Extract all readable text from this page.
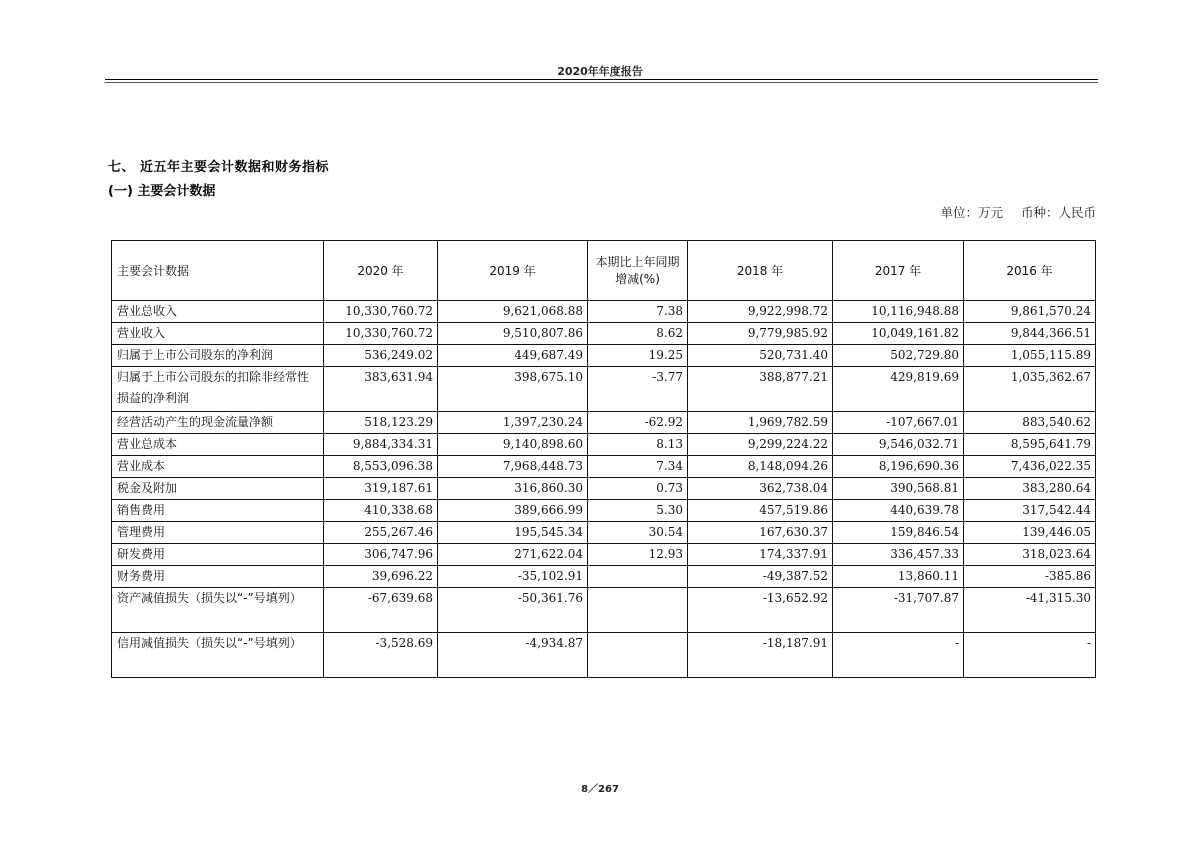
2020年年度报告
七、 近五年主要会计数据和财务指标
(一) 主要会计数据
单位：万元 币种：人民币
主要会计数据	2020 年	2019 年	本期比上年同期增减(%)	2018 年	2017 年	2016 年
营业总收入	10,330,760.72	9,621,068.88	7.38	9,922,998.72	10,116,948.88	9,861,570.24
营业收入	10,330,760.72	9,510,807.86	8.62	9,779,985.92	10,049,161.82	9,844,366.51
归属于上市公司股东的净利润	536,249.02	449,687.49	19.25	520,731.40	502,729.80	1,055,115.89
归属于上市公司股东的扣除非经常性损益的净利润	383,631.94	398,675.10	-3.77	388,877.21	429,819.69	1,035,362.67
经营活动产生的现金流量净额	518,123.29	1,397,230.24	-62.92	1,969,782.59	-107,667.01	883,540.62
营业总成本	9,884,334.31	9,140,898.60	8.13	9,299,224.22	9,546,032.71	8,595,641.79
营业成本	8,553,096.38	7,968,448.73	7.34	8,148,094.26	8,196,690.36	7,436,022.35
税金及附加	319,187.61	316,860.30	0.73	362,738.04	390,568.81	383,280.64
销售费用	410,338.68	389,666.99	5.30	457,519.86	440,639.78	317,542.44
管理费用	255,267.46	195,545.34	30.54	167,630.37	159,846.54	139,446.05
研发费用	306,747.96	271,622.04	12.93	174,337.91	336,457.33	318,023.64
财务费用	39,696.22	-35,102.91		-49,387.52	13,860.11	-385.86
资产减值损失（损失以“-”号填列）	-67,639.68	-50,361.76		-13,652.92	-31,707.87	-41,315.30
信用减值损失（损失以“-”号填列）	-3,528.69	-4,934.87		-18,187.91	-	-
8／267
